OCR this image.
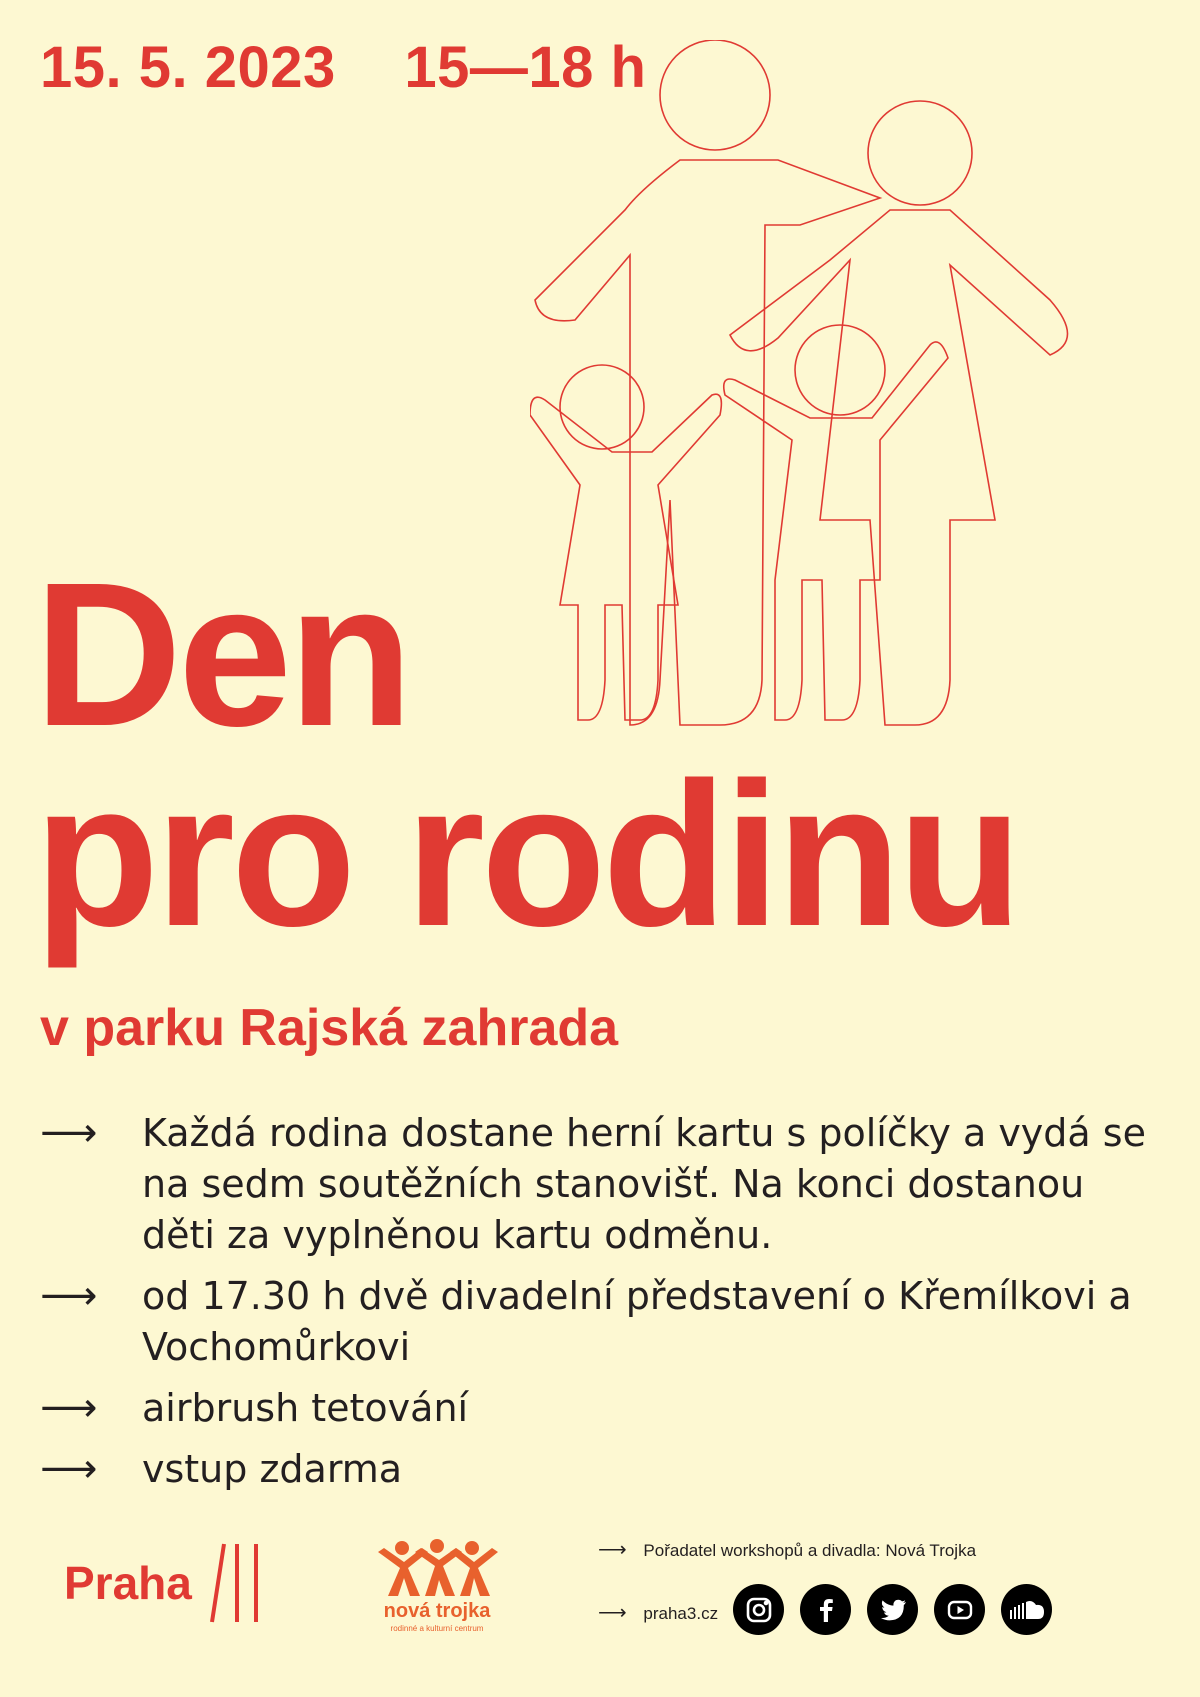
15. 5. 2023 15—18 h
Den
pro rodinu
v parku Rajská zahrada
⟶ Každá rodina dostane herní kartu s políčky a vydá se na sedm soutěžních stanovišť. Na konci dostanou děti za vyplněnou kartu odměnu.
⟶ od 17.30 h dvě divadelní představení o Křemílkovi a Vochomůrkovi
⟶ airbrush tetování
⟶ vstup zdarma
Praha
nová trojka
rodinné a kulturní centrum
⟶ Pořadatel workshopů a divadla: Nová Trojka
⟶ praha3.cz
